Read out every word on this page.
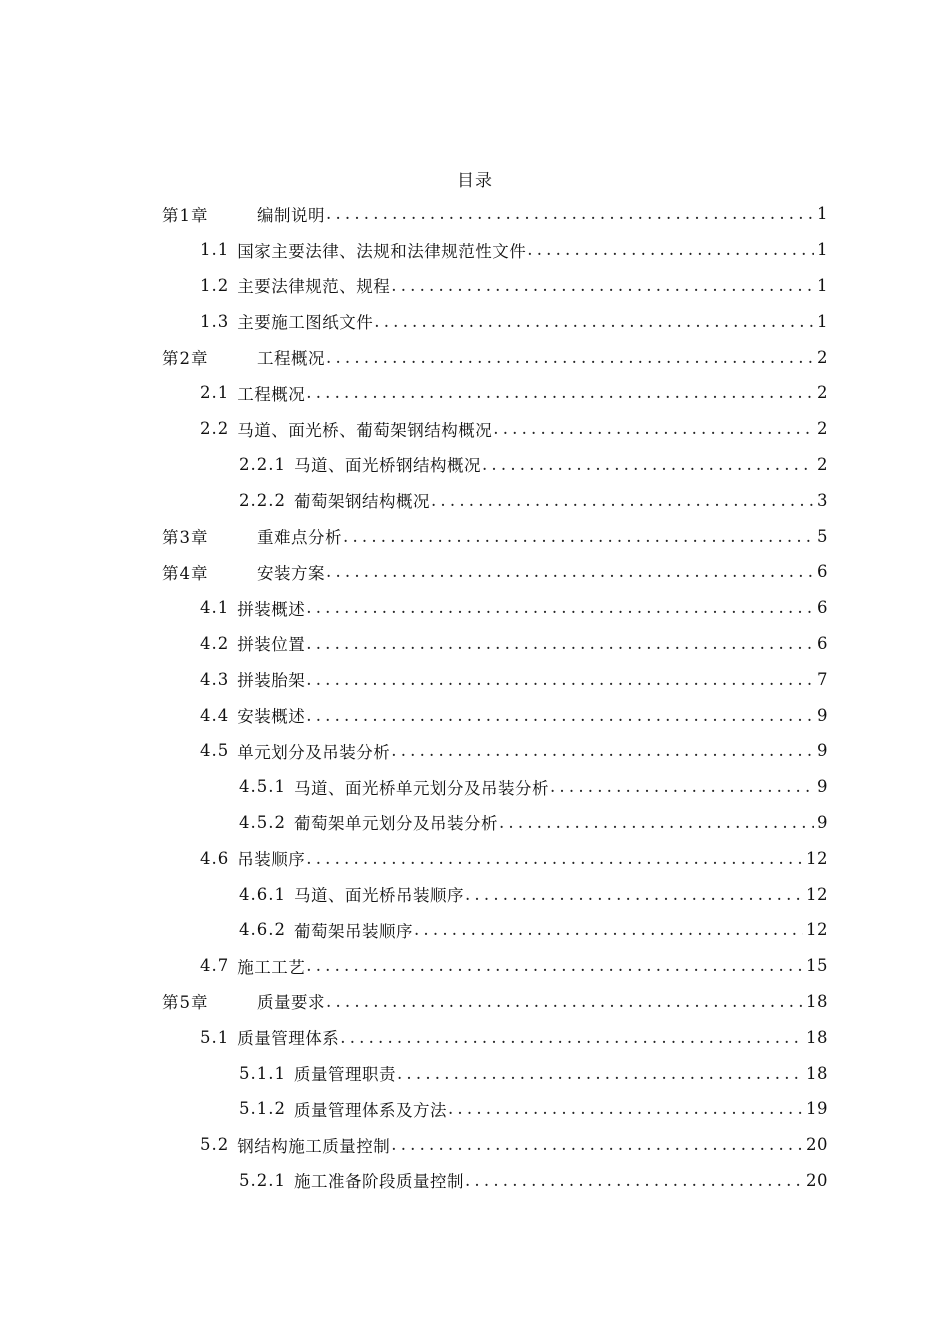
目录
第1章	编制说明 .....	1
1.1 国家主要法律、法规和法律规范性文件 .....	1
1.2 主要法律规范、规程 .....	1
1.3 主要施工图纸文件 .....	1
第2章	工程概况 .....	2
2.1 工程概况 .....	2
2.2 马道、面光桥、葡萄架钢结构概况 .....	2
2.2.1 马道、面光桥钢结构概况 .....	2
2.2.2 葡萄架钢结构概况 .....	3
第3章	重难点分析 .....	5
第4章	安装方案 .....	6
4.1 拼装概述 .....	6
4.2 拼装位置 .....	6
4.3 拼装胎架 .....	7
4.4 安装概述 .....	9
4.5 单元划分及吊装分析 .....	9
4.5.1 马道、面光桥单元划分及吊装分析 .....	9
4.5.2 葡萄架单元划分及吊装分析 .....	9
4.6 吊装顺序 .....	12
4.6.1 马道、面光桥吊装顺序 .....	12
4.6.2 葡萄架吊装顺序 .....	12
4.7 施工工艺 .....	15
第5章	质量要求 .....	18
5.1 质量管理体系 .....	18
5.1.1 质量管理职责 .....	18
5.1.2 质量管理体系及方法 .....	19
5.2 钢结构施工质量控制 .....	20
5.2.1 施工准备阶段质量控制 .....	20
